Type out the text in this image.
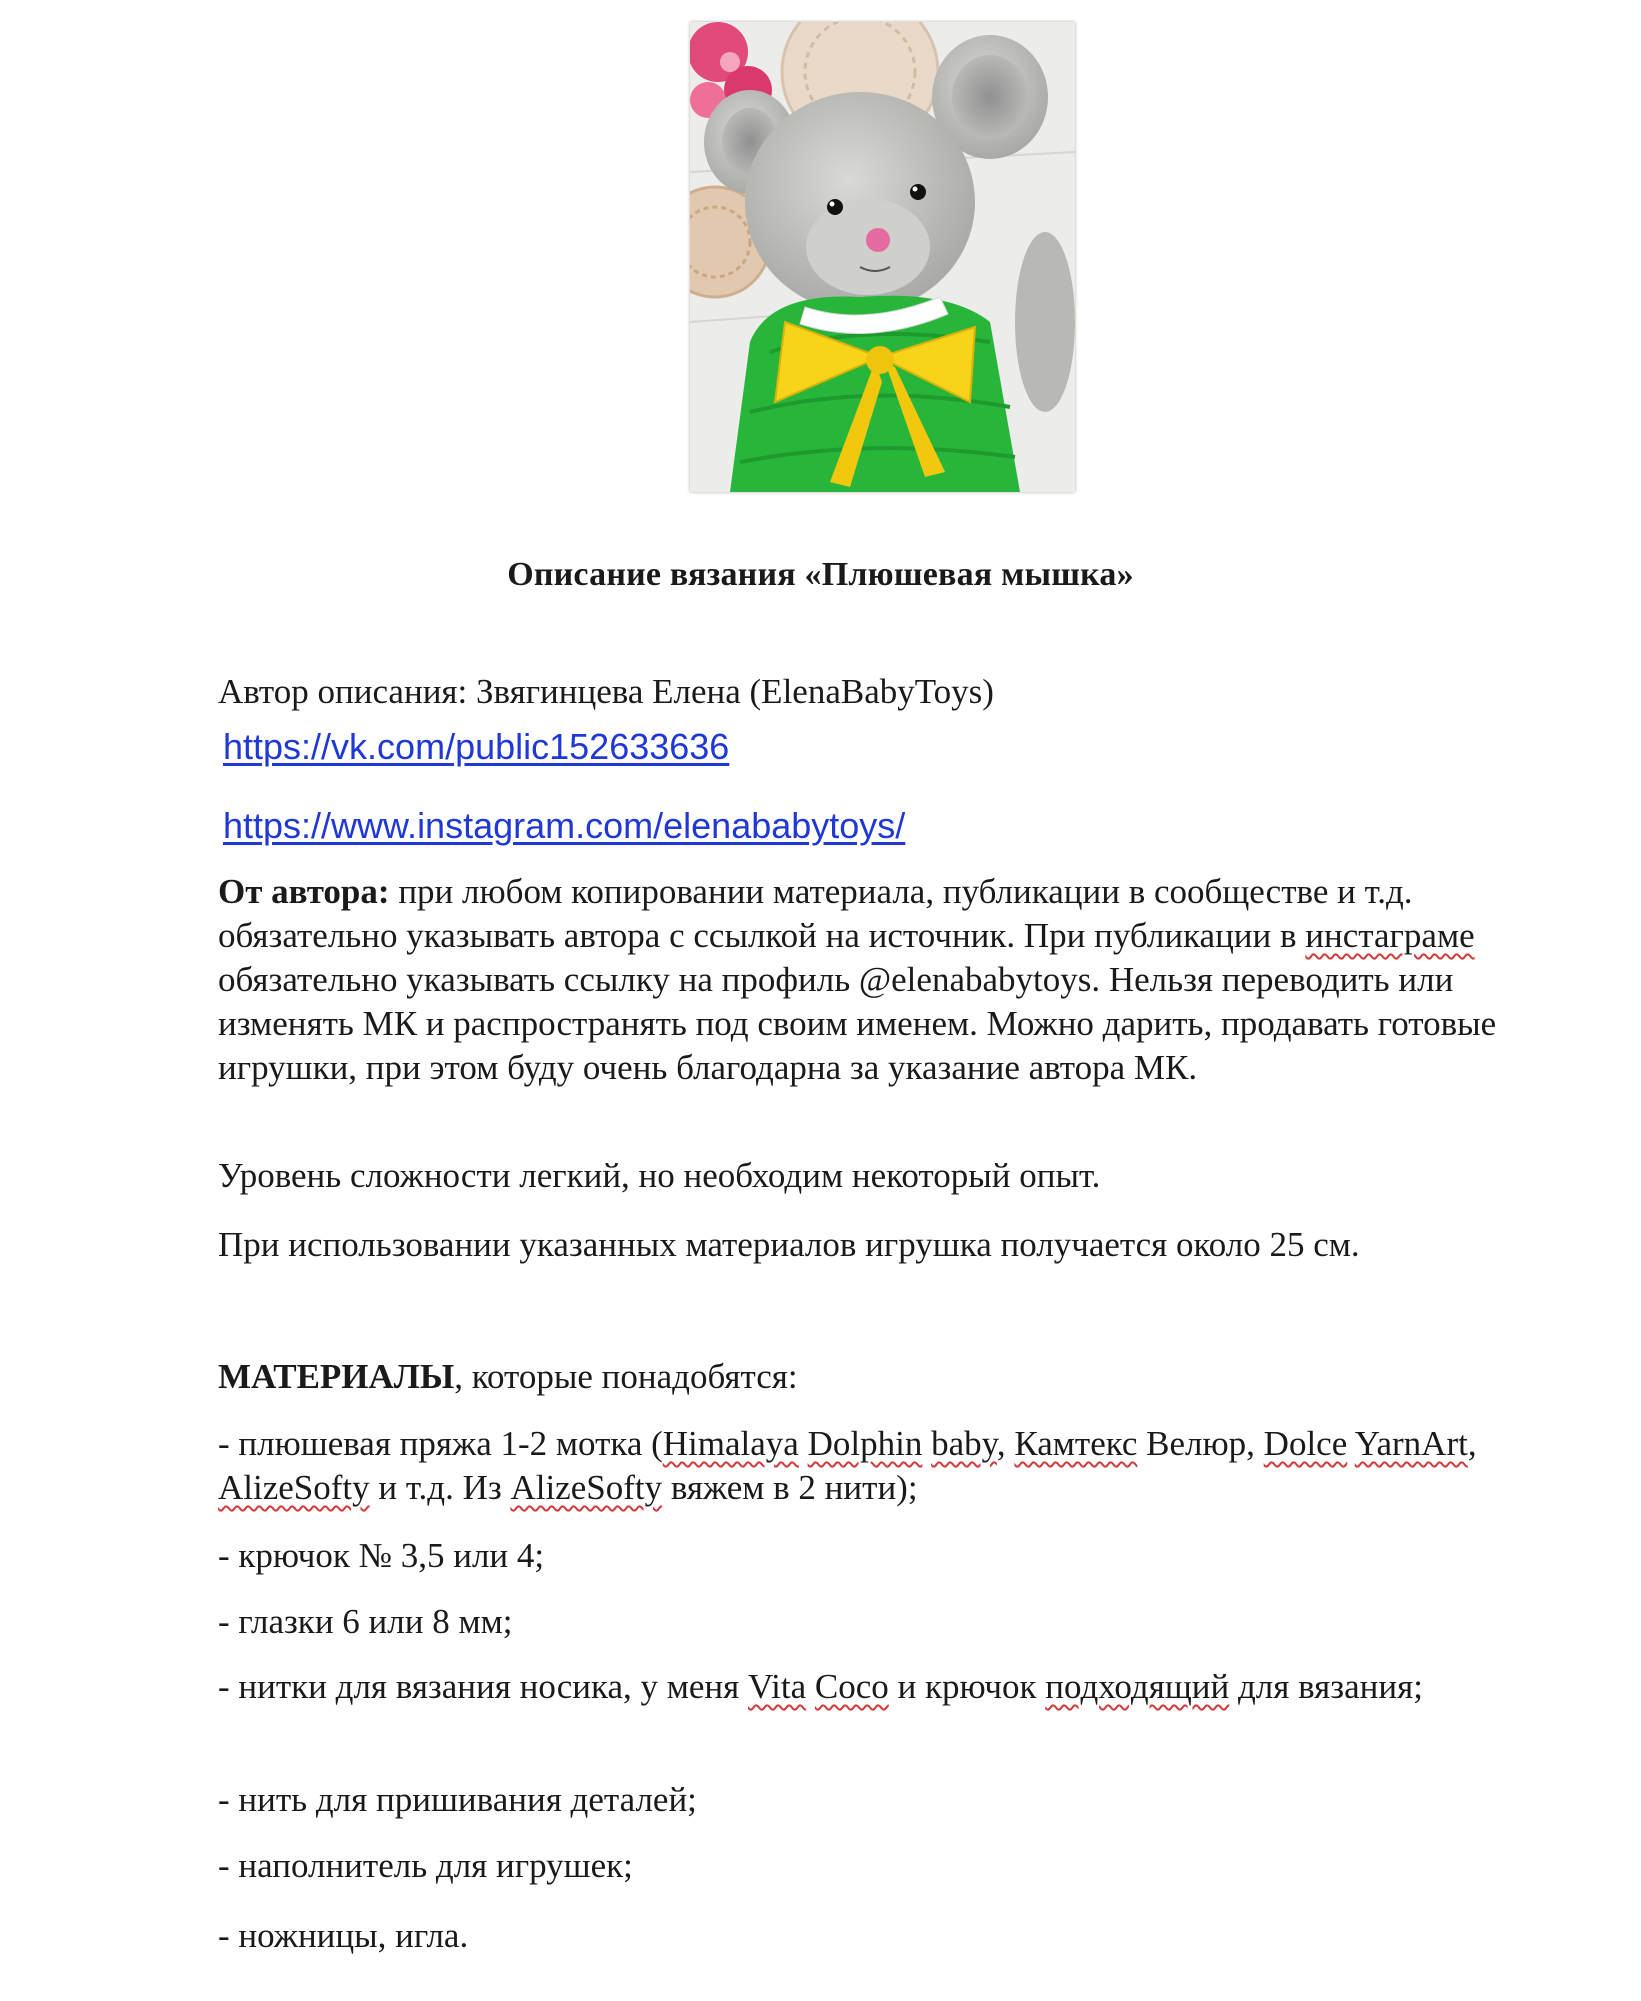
Описание вязания «Плюшевая мышка»

Автор описания: Звягинцева Елена (ElenaBabyToys)

https://vk.com/public152633636
https://www.instagram.com/elenababytoys/

От автора: при любом копировании материала, публикации в сообществе и т.д. обязательно указывать автора с ссылкой на источник. При публикации в инстаграме обязательно указывать ссылку на профиль @elenababytoys. Нельзя переводить или изменять МК и распространять под своим именем. Можно дарить, продавать готовые игрушки, при этом буду очень благодарна за указание автора МК.

Уровень сложности легкий, но необходим некоторый опыт.

При использовании указанных материалов игрушка получается около 25 см.

МАТЕРИАЛЫ, которые понадобятся:

- плюшевая пряжа 1-2 мотка (Himalaya Dolphin baby, Камтекс Велюр, Dolce YarnArt, AlizeSofty и т.д. Из AlizeSofty вяжем в 2 нити);

- крючок № 3,5 или 4;

- глазки 6 или 8 мм;

- нитки для вязания носика, у меня Vita Coco и крючок подходящий для вязания;

- нить для пришивания деталей;

- наполнитель для игрушек;

- ножницы, игла.
